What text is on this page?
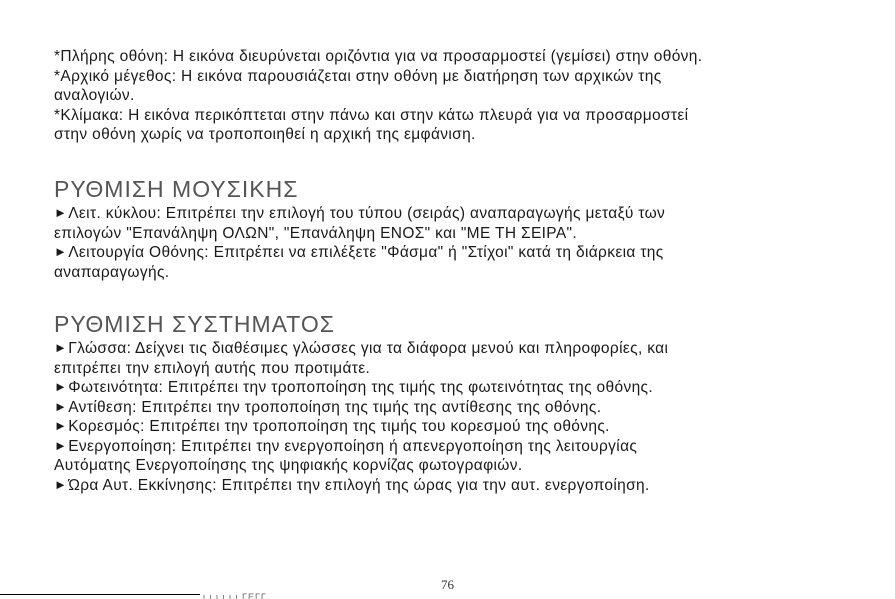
*Πλήρης οθόνη: Η εικόνα διευρύνεται οριζόντια για να προσαρμοστεί (γεμίσει) στην οθόνη.

*Αρχικό μέγεθος: Η εικόνα παρουσιάζεται στην οθόνη με διατήρηση των αρχικών της

αναλογιών.

*Κλίμακα: Η εικόνα περικόπτεται στην πάνω και στην κάτω πλευρά για να προσαρμοστεί

στην οθόνη χωρίς να τροποποιηθεί η αρχική της εμφάνιση.

ΡΥΘΜΙΣΗ ΜΟΥΣΙΚΗΣ

►Λειτ. κύκλου: Επιτρέπει την επιλογή του τύπου (σειράς) αναπαραγωγής μεταξύ των

επιλογών "Επανάληψη ΟΛΩΝ", "Επανάληψη ΕΝΟΣ" και "ΜΕ ΤΗ ΣΕΙΡΑ".

►Λειτουργία Οθόνης: Επιτρέπει να επιλέξετε "Φάσμα" ή "Στίχοι" κατά τη διάρκεια της

αναπαραγωγής.

ΡΥΘΜΙΣΗ ΣΥΣΤΗΜΑΤΟΣ

►Γλώσσα: Δείχνει τις διαθέσιμες γλώσσες για τα διάφορα μενού και πληροφορίες, και

επιτρέπει την επιλογή αυτής που προτιμάτε.

►Φωτεινότητα: Επιτρέπει την τροποποίηση της τιμής της φωτεινότητας της οθόνης.

►Αντίθεση: Επιτρέπει την τροποποίηση της τιμής της αντίθεσης της οθόνης.

►Κορεσμός: Επιτρέπει την τροποποίηση της τιμής του κορεσμού της οθόνης.

►Ενεργοποίηση: Επιτρέπει την ενεργοποίηση ή απενεργοποίηση της λειτουργίας

Αυτόματης Ενεργοποίησης της ψηφιακής κορνίζας φωτογραφιών.

►Ώρα Αυτ. Εκκίνησης: Επιτρέπει την επιλογή της ώρας για την αυτ. ενεργοποίηση.

76
ι ι ι ι ι ι ΓΕΓΓ
